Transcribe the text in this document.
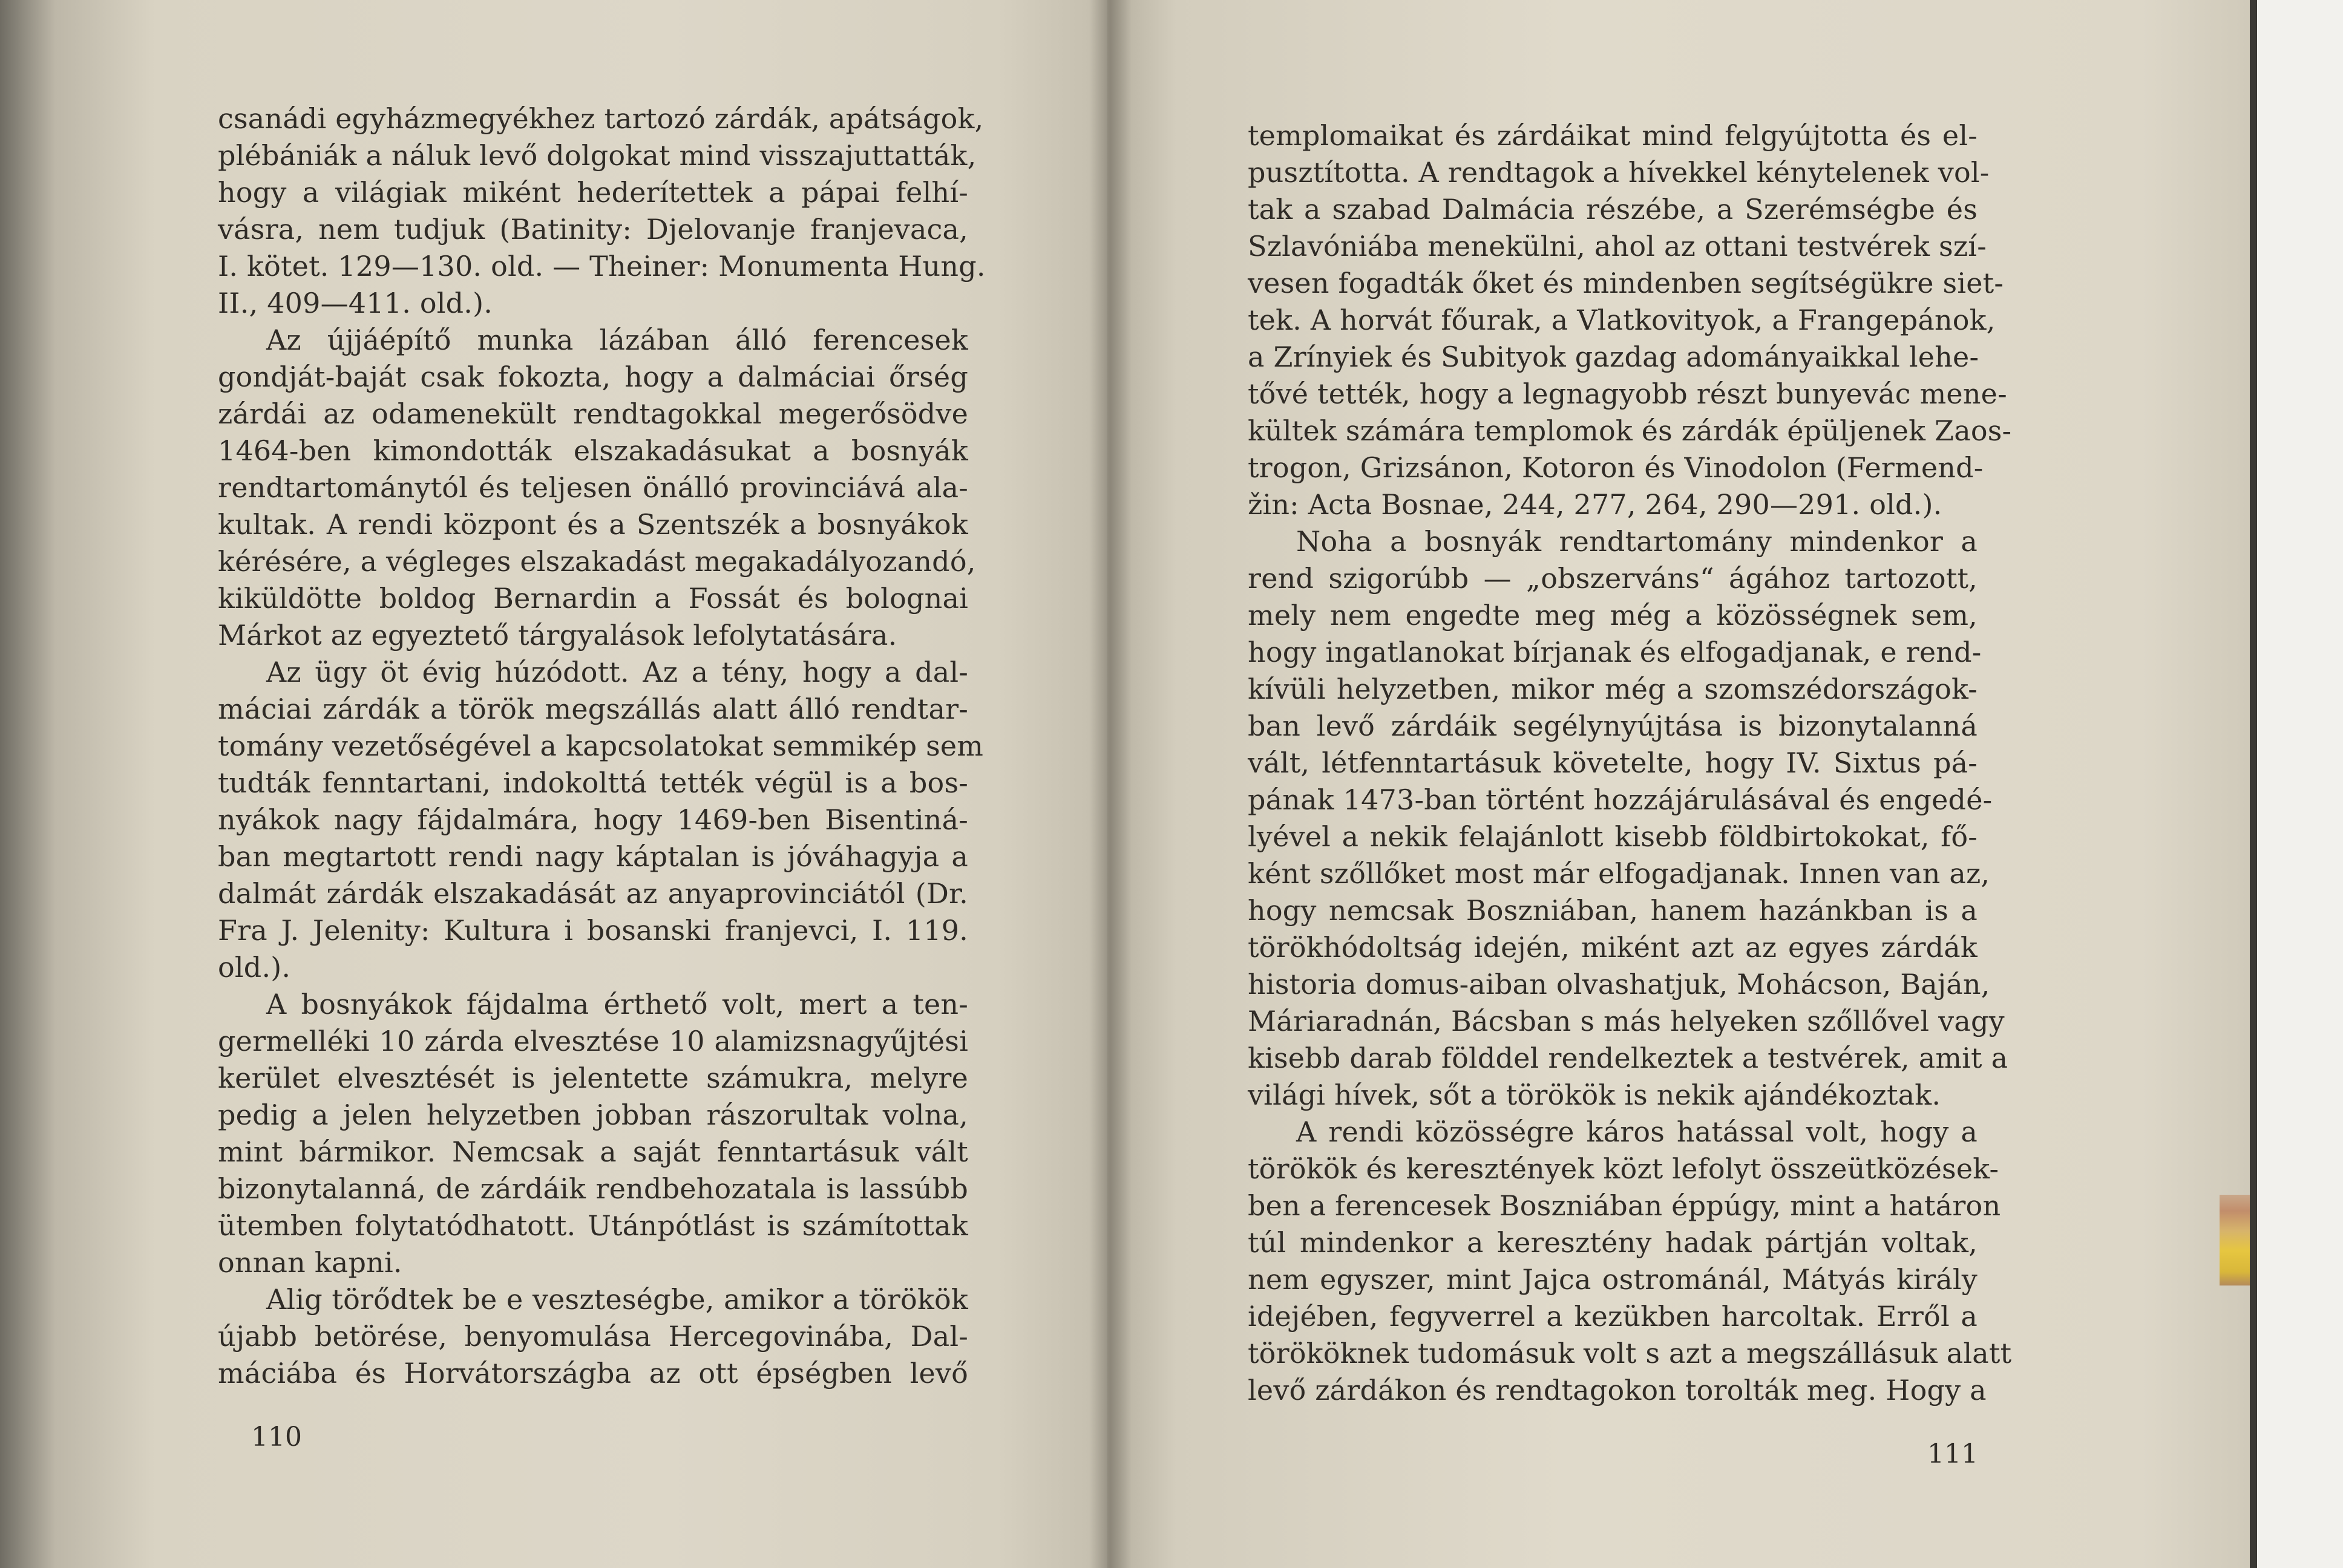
csanádi egyházmegyékhez tartozó zárdák, apátságok,
plébániák a náluk levő dolgokat mind visszajuttatták,
hogy a világiak miként hederítettek a pápai felhí-
vásra, nem tudjuk (Batinity: Djelovanje franjevaca,
I. kötet. 129—130. old. — Theiner: Monumenta Hung.
II., 409—411. old.).
Az újjáépítő munka lázában álló ferencesek
gondját-baját csak fokozta, hogy a dalmáciai őrség
zárdái az odamenekült rendtagokkal megerősödve
1464-ben kimondották elszakadásukat a bosnyák
rendtartománytól és teljesen önálló provinciává ala-
kultak. A rendi központ és a Szentszék a bosnyákok
kérésére, a végleges elszakadást megakadályozandó,
kiküldötte boldog Bernardin a Fossát és bolognai
Márkot az egyeztető tárgyalások lefolytatására.
Az ügy öt évig húzódott. Az a tény, hogy a dal-
máciai zárdák a török megszállás alatt álló rendtar-
tomány vezetőségével a kapcsolatokat semmikép sem
tudták fenntartani, indokolttá tették végül is a bos-
nyákok nagy fájdalmára, hogy 1469-ben Bisentiná-
ban megtartott rendi nagy káptalan is jóváhagyja a
dalmát zárdák elszakadását az anyaprovinciától (Dr.
Fra J. Jelenity: Kultura i bosanski franjevci, I. 119.
old.).
A bosnyákok fájdalma érthető volt, mert a ten-
germelléki 10 zárda elvesztése 10 alamizsnagyűjtési
kerület elvesztését is jelentette számukra, melyre
pedig a jelen helyzetben jobban rászorultak volna,
mint bármikor. Nemcsak a saját fenntartásuk vált
bizonytalanná, de zárdáik rendbehozatala is lassúbb
ütemben folytatódhatott. Utánpótlást is számítottak
onnan kapni.
Alig törődtek be e veszteségbe, amikor a törökök
újabb betörése, benyomulása Hercegovinába, Dal-
máciába és Horvátországba az ott épségben levő
110
templomaikat és zárdáikat mind felgyújtotta és el-
pusztította. A rendtagok a hívekkel kénytelenek vol-
tak a szabad Dalmácia részébe, a Szerémségbe és
Szlavóniába menekülni, ahol az ottani testvérek szí-
vesen fogadták őket és mindenben segítségükre siet-
tek. A horvát főurak, a Vlatkovityok, a Frangepánok,
a Zrínyiek és Subityok gazdag adományaikkal lehe-
tővé tették, hogy a legnagyobb részt bunyevác mene-
kültek számára templomok és zárdák épüljenek Zaos-
trogon, Grizsánon, Kotoron és Vinodolon (Fermend-
žin: Acta Bosnae, 244, 277, 264, 290—291. old.).
Noha a bosnyák rendtartomány mindenkor a
rend szigorúbb — „obszerváns“ ágához tartozott,
mely nem engedte meg még a közösségnek sem,
hogy ingatlanokat bírjanak és elfogadjanak, e rend-
kívüli helyzetben, mikor még a szomszédországok-
ban levő zárdáik segélynyújtása is bizonytalanná
vált, létfenntartásuk követelte, hogy IV. Sixtus pá-
pának 1473-ban történt hozzájárulásával és engedé-
lyével a nekik felajánlott kisebb földbirtokokat, fő-
ként szőllőket most már elfogadjanak. Innen van az,
hogy nemcsak Boszniában, hanem hazánkban is a
törökhódoltság idején, miként azt az egyes zárdák
historia domus-aiban olvashatjuk, Mohácson, Baján,
Máriaradnán, Bácsban s más helyeken szőllővel vagy
kisebb darab földdel rendelkeztek a testvérek, amit a
világi hívek, sőt a törökök is nekik ajándékoztak.
A rendi közösségre káros hatással volt, hogy a
törökök és keresztények közt lefolyt összeütközések-
ben a ferencesek Boszniában éppúgy, mint a határon
túl mindenkor a keresztény hadak pártján voltak,
nem egyszer, mint Jajca ostrománál, Mátyás király
idejében, fegyverrel a kezükben harcoltak. Erről a
törököknek tudomásuk volt s azt a megszállásuk alatt
levő zárdákon és rendtagokon torolták meg. Hogy a
111
